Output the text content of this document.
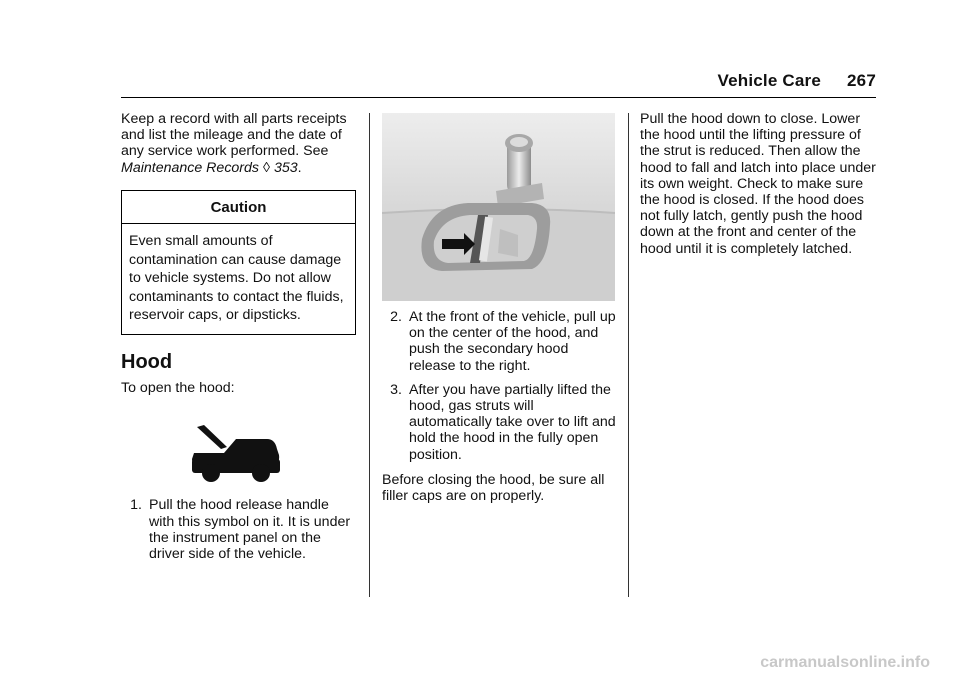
Vehicle Care 267

Keep a record with all parts receipts and list the mileage and the date of any service work performed. See Maintenance Records ◊ 353.

Caution
Even small amounts of contamination can cause damage to vehicle systems. Do not allow contaminants to contact the fluids, reservoir caps, or dipsticks.
Hood

To open the hood:

1. Pull the hood release handle with this symbol on it. It is under the instrument panel on the driver side of the vehicle.
2. At the front of the vehicle, pull up on the center of the hood, and push the secondary hood release to the right.
3. After you have partially lifted the hood, gas struts will automatically take over to lift and hold the hood in the fully open position.

Before closing the hood, be sure all filler caps are on properly.

Pull the hood down to close. Lower the hood until the lifting pressure of the strut is reduced. Then allow the hood to fall and latch into place under its own weight. Check to make sure the hood is closed. If the hood does not fully latch, gently push the hood down at the front and center of the hood until it is completely latched.

carmanualsonline.info
